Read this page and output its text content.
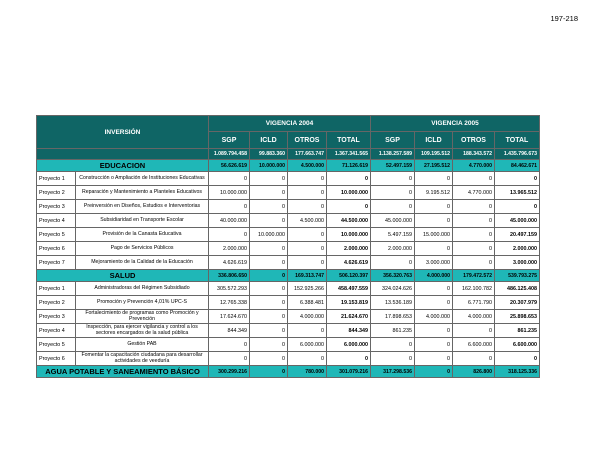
197-218
INVERSIÓN		VIGENCIA 2004				VIGENCIA 2005			
		SGP	ICLD	OTROS	TOTAL	SGP	ICLD	OTROS	TOTAL
		1.089.794.458	99.883.360	177.663.747	1.367.341.565	1.138.257.589	109.195.512	188.343.572	1.435.796.673
EDUCACION		56.626.619	10.000.000	4.500.000	71.126.619	52.497.159	27.195.512	4.770.000	84.462.671
Proyecto 1	Construcción o Ampliación de Instituciones Educativas	0	0	0	0	0	0	0	0
Proyecto 2	Reparación y Mantenimiento a Planteles Educativos	10.000.000	0	0	10.000.000	0	9.195.512	4.770.000	13.965.512
Proyecto 3	Preinversión en Diseños, Estudios e Interventorias	0	0	0	0	0	0	0	0
Proyecto 4	Subsidiaridad en Transporte Escolar	40.000.000	0	4.500.000	44.500.000	45.000.000	0	0	45.000.000
Proyecto 5	Provisión de la Canasta Educativa	0	10.000.000	0	10.000.000	5.497.159	15.000.000	0	20.497.159
Proyecto 6	Pago de Servicios Públicos	2.000.000	0	0	2.000.000	2.000.000	0	0	2.000.000
Proyecto 7	Mejoramiento de la Calidad de la Educación	4.626.619	0	0	4.626.619	0	3.000.000	0	3.000.000
SALUD		336.806.650	0	169.313.747	506.120.397	356.320.763	4.000.000	179.472.572	539.793.275
Proyecto 1	Administradoras del Régimen Subsidiado	305.572.293	0	152.925.266	458.497.559	324.024.626	0	162.100.782	486.125.408
Proyecto 2	Promoción y Prevención 4,01% UPC-S	12.765.338	0	6.388.481	19.153.819	13.536.189	0	6.771.790	20.307.979
Proyecto 3	Fortalecimiento de programas como Promoción y Prevención	17.624.670	0	4.000.000	21.624.670	17.898.653	4.000.000	4.000.000	25.898.653
Proyecto 4	Inspección, para ejercer vigilancia y control a los sectores encargados de la salud pública	844.349	0	0	844.349	861.235	0	0	861.235
Proyecto 5	Gestión PAB	0	0	6.000.000	6.000.000	0	0	6.600.000	6.600.000
Proyecto 6	Fomentar la capacitación ciudadana para desarrollar actividades de veeduría	0	0	0	0	0	0	0	0
AGUA POTABLE Y SANEAMIENTO BÁSICO		300.299.216	0	780.000	301.079.216	317.298.536	0	826.800	318.125.336
